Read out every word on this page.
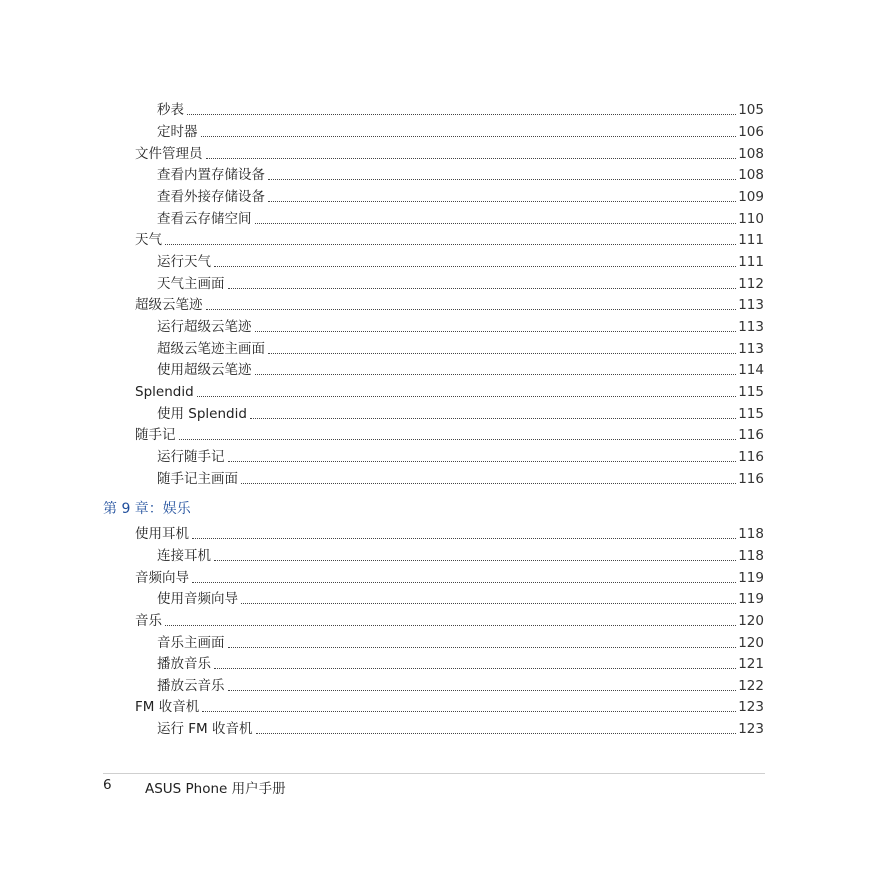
秒表	105
定时器	106
文件管理员	108
查看内置存储设备	108
查看外接存储设备	109
查看云存储空间	110
天气	111
运行天气	111
天气主画面	112
超级云笔迹	113
运行超级云笔迹	113
超级云笔迹主画面	113
使用超级云笔迹	114
Splendid	115
使用 Splendid	115
随手记	116
运行随手记	116
随手记主画面	116
第 9 章：娱乐
使用耳机	118
连接耳机	118
音频向导	119
使用音频向导	119
音乐	120
音乐主画面	120
播放音乐	121
播放云音乐	122
FM 收音机	123
运行 FM 收音机	123
6 ASUS Phone 用户手册
